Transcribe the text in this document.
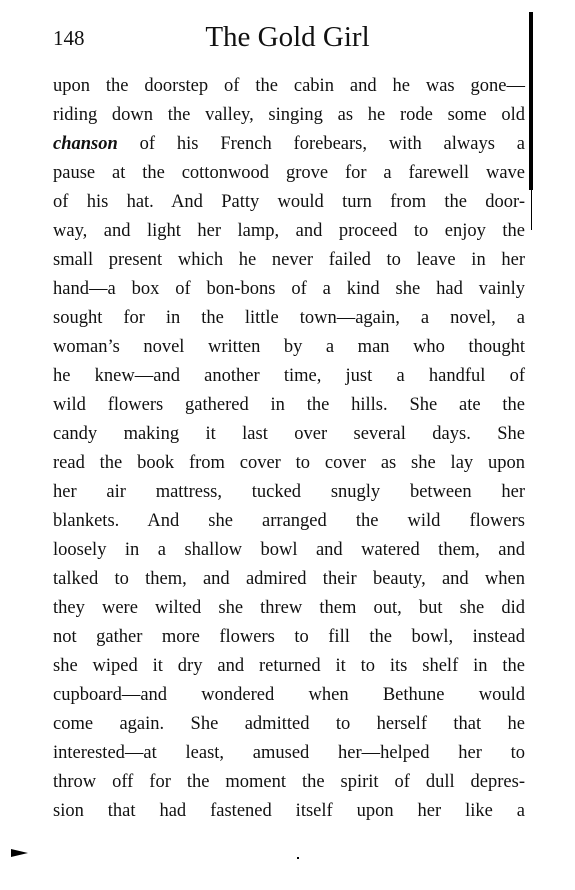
148	The Gold Girl
upon the doorstep of the cabin and he was gone—
riding down the valley, singing as he rode some old
chanson of his French forebears, with always a
pause at the cottonwood grove for a farewell wave
of his hat. And Patty would turn from the door-
way, and light her lamp, and proceed to enjoy the
small present which he never failed to leave in her
hand—a box of bon-bons of a kind she had vainly
sought for in the little town—again, a novel, a
woman’s novel written by a man who thought
he knew—and another time, just a handful of
wild flowers gathered in the hills. She ate the
candy making it last over several days. She
read the book from cover to cover as she lay upon
her air mattress, tucked snugly between her
blankets. And she arranged the wild flowers
loosely in a shallow bowl and watered them, and
talked to them, and admired their beauty, and when
they were wilted she threw them out, but she did
not gather more flowers to fill the bowl, instead
she wiped it dry and returned it to its shelf in the
cupboard—and wondered when Bethune would
come again. She admitted to herself that he
interested—at least, amused her—helped her to
throw off for the moment the spirit of dull depres-
sion that had fastened itself upon her like a
